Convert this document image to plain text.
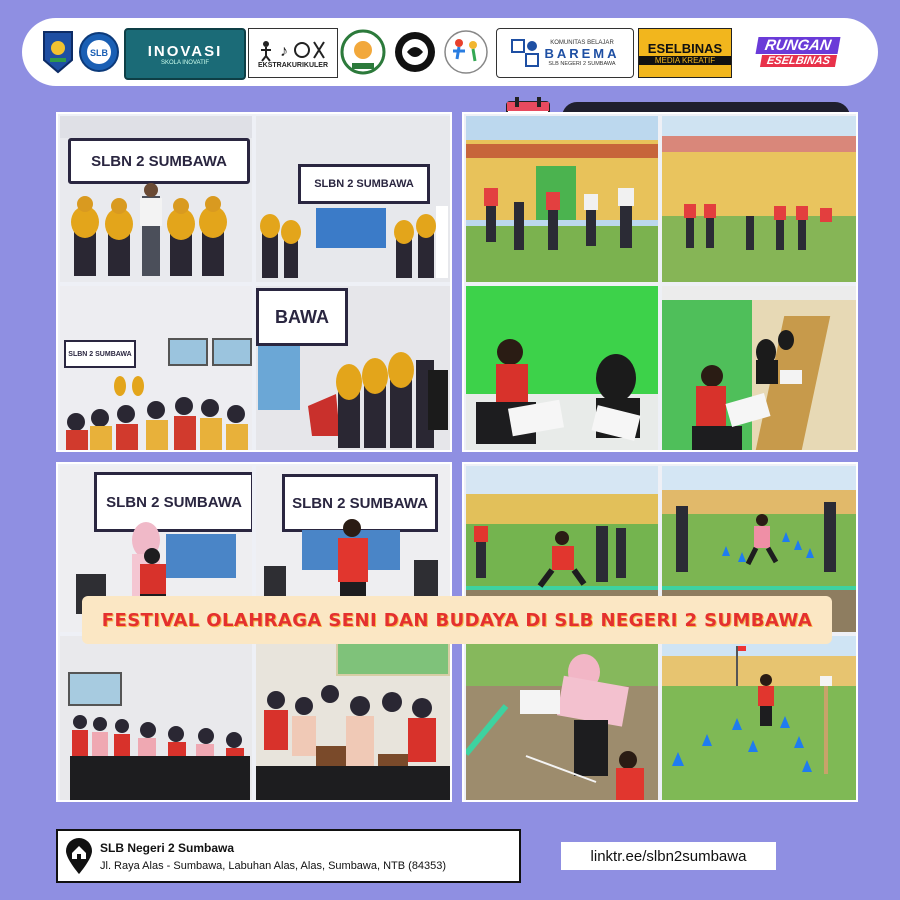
SLB	INOVASI
SKOLA INOVATIF
♪
EKSTRAKURIKULER
KOMUNITAS BELAJAR
BAREMA
SLB NEGERI 2 SUMBAWA
ESELBINAS
MEDIA KREATIF
RUNGAN
ESELBINAS
SLBN 2 SUMBAWA
SLBN 2 SUMBAWA
SLBN 2 SUMBAWA
BAWA
SLBN 2 SUMBAWA	SLBN 2 SUMBAWA
FESTIVAL OLAHRAGA SENI DAN BUDAYA DI SLB NEGERI 2 SUMBAWA
SLB Negeri 2 Sumbawa
Jl. Raya Alas - Sumbawa, Labuhan Alas, Alas, Sumbawa, NTB (84353)
linktr.ee/slbn2sumbawa
